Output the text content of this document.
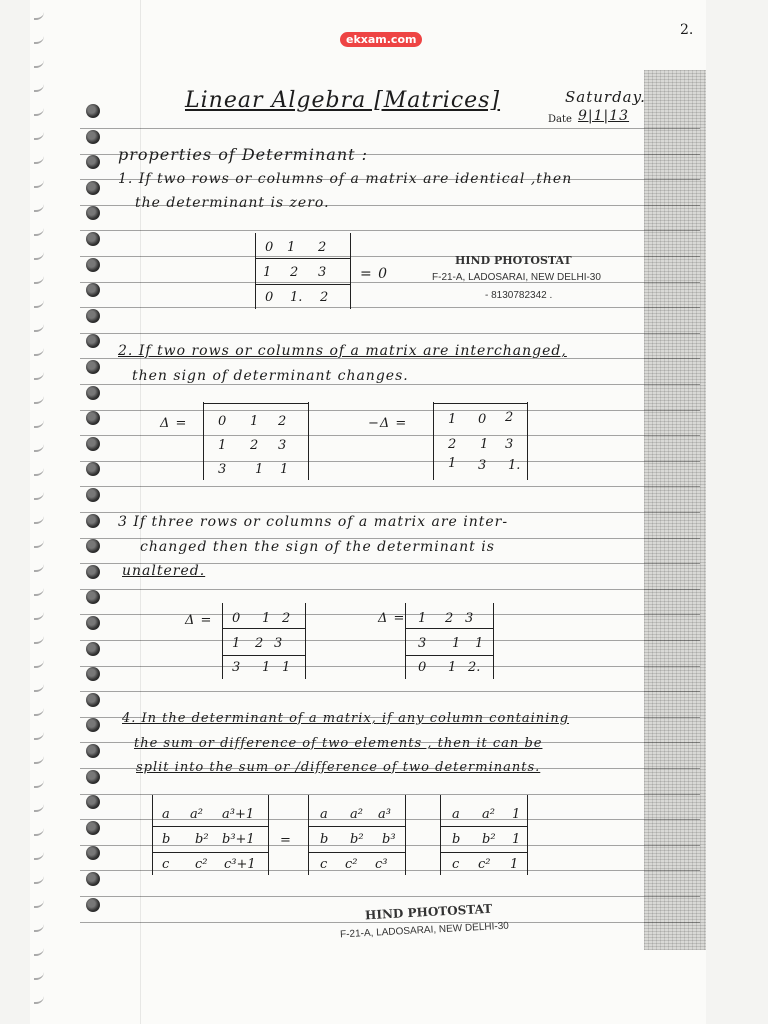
ekxam.com
2.
Linear Algebra [Matrices]	Saturday.
Date 9|1|13
properties of Determinant :
1. If two rows or columns of a matrix are identical ,then
the determinant is zero.
0 1 2
1 2 3
0 1. 2
= 0
HIND PHOTOSTAT
F-21-A, LADOSARAI, NEW DELHI-30
- 8130782342 .
2. If two rows or columns of a matrix are interchanged,
then sign of determinant changes.
Δ = 0 1 2
1 2 3
3 1 1
−Δ =	1 0 2
2 1 3
1 3 1.
3 If three rows or columns of a matrix are inter-
changed then the sign of the determinant is
unaltered.
Δ = 0 1 2
1 2 3
3 1 1
Δ = 1 2 3
3 1 1
0 1 2.
4. In the determinant of a matrix, if any column containing
the sum or difference of two elements , then it can be
split into the sum or /difference of two determinants.
a a² a³+1
b b² b³+1
c c² c³+1
=
a a² a³
b b² b³
c c² c³
a a² 1
b b² 1
c c² 1
HIND PHOTOSTAT
F-21-A, LADOSARAI, NEW DELHI-30
